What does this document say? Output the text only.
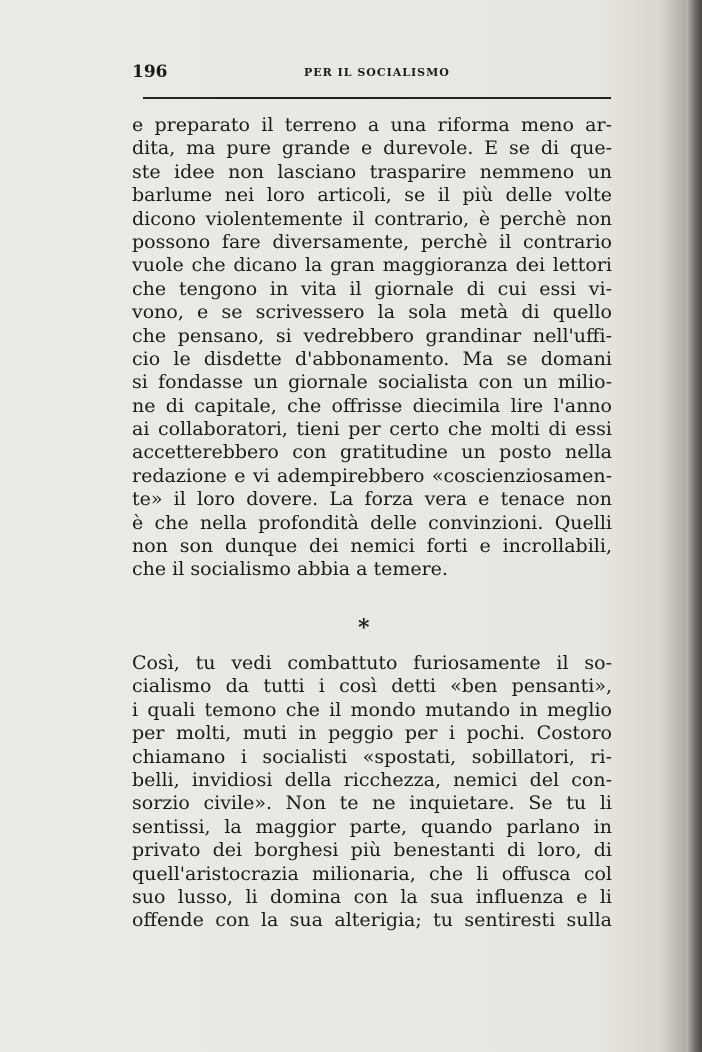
196	PER IL SOCIALISMO
e preparato il terreno a una riforma meno ar-
dita, ma pure grande e durevole. E se di que-
ste idee non lasciano trasparire nemmeno un
barlume nei loro articoli, se il più delle volte
dicono violentemente il contrario, è perchè non
possono fare diversamente, perchè il contrario
vuole che dicano la gran maggioranza dei lettori
che tengono in vita il giornale di cui essi vi-
vono, e se scrivessero la sola metà di quello
che pensano, si vedrebbero grandinar nell'uffi-
cio le disdette d'abbonamento. Ma se domani
si fondasse un giornale socialista con un milio-
ne di capitale, che offrisse diecimila lire l'anno
ai collaboratori, tieni per certo che molti di essi
accetterebbero con gratitudine un posto nella
redazione e vi adempirebbero «coscienziosamen-
te» il loro dovere. La forza vera e tenace non
è che nella profondità delle convinzioni. Quelli
non son dunque dei nemici forti e incrollabili,
che il socialismo abbia a temere.
*
Così, tu vedi combattuto furiosamente il so-
cialismo da tutti i così detti «ben pensanti»,
i quali temono che il mondo mutando in meglio
per molti, muti in peggio per i pochi. Costoro
chiamano i socialisti «spostati, sobillatori, ri-
belli, invidiosi della ricchezza, nemici del con-
sorzio civile». Non te ne inquietare. Se tu li
sentissi, la maggior parte, quando parlano in
privato dei borghesi più benestanti di loro, di
quell'aristocrazia milionaria, che li offusca col
suo lusso, li domina con la sua influenza e li
offende con la sua alterigia; tu sentiresti sulla
